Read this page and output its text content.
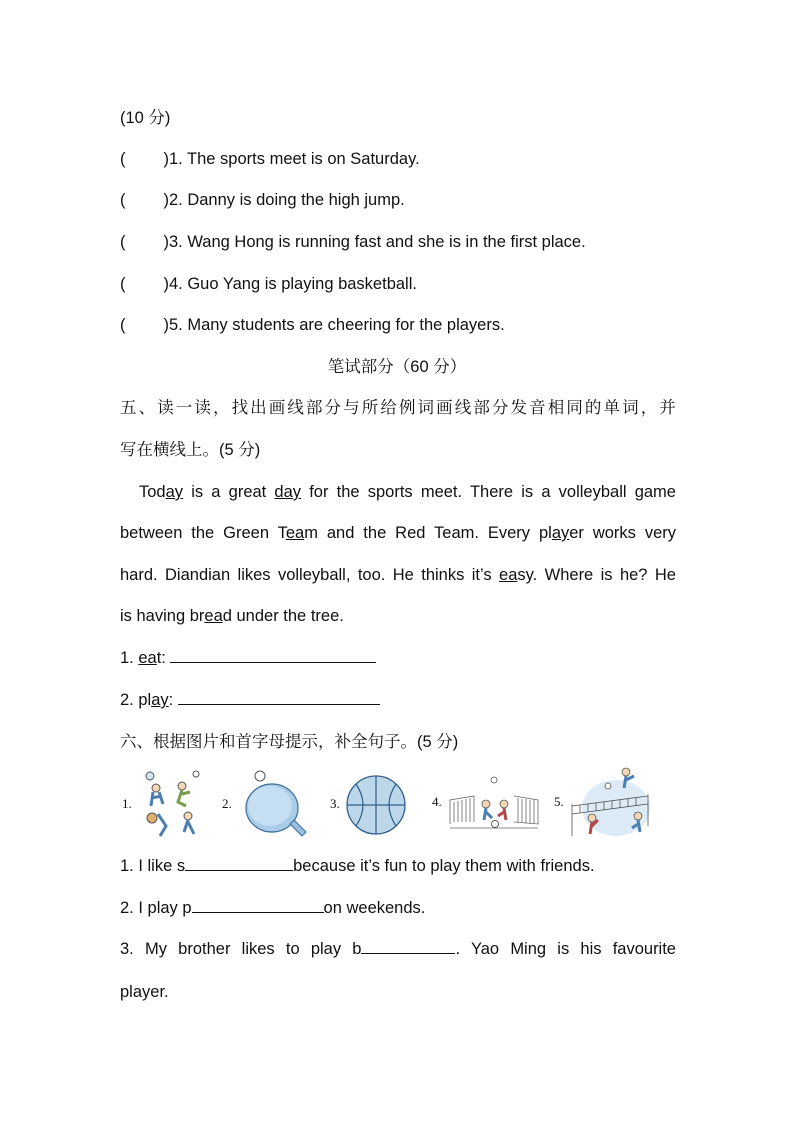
(10 分)
( )1. The sports meet is on Saturday.
( )2. Danny is doing the high jump.
( )3. Wang Hong is running fast and she is in the first place.
( )4. Guo Yang is playing basketball.
( )5. Many students are cheering for the players.
笔试部分（60 分）
五、读一读，找出画线部分与所给例词画线部分发音相同的单词，并
写在横线上。(5 分)
Today is a great day for the sports meet. There is a volleyball game
between the Green Team and the Red Team. Every player works very
hard. Diandian likes volleyball, too. He thinks it’s easy. Where is he? He
is having bread under the tree.
1. eat:
2. play:
六、根据图片和首字母提示，补全句子。(5 分)
1.	2.	3.	4.	5.
1. I like s	because it’s fun to play them with friends.
2. I play p	on weekends.
3. My brother likes to play b	. Yao Ming is his favourite
player.
